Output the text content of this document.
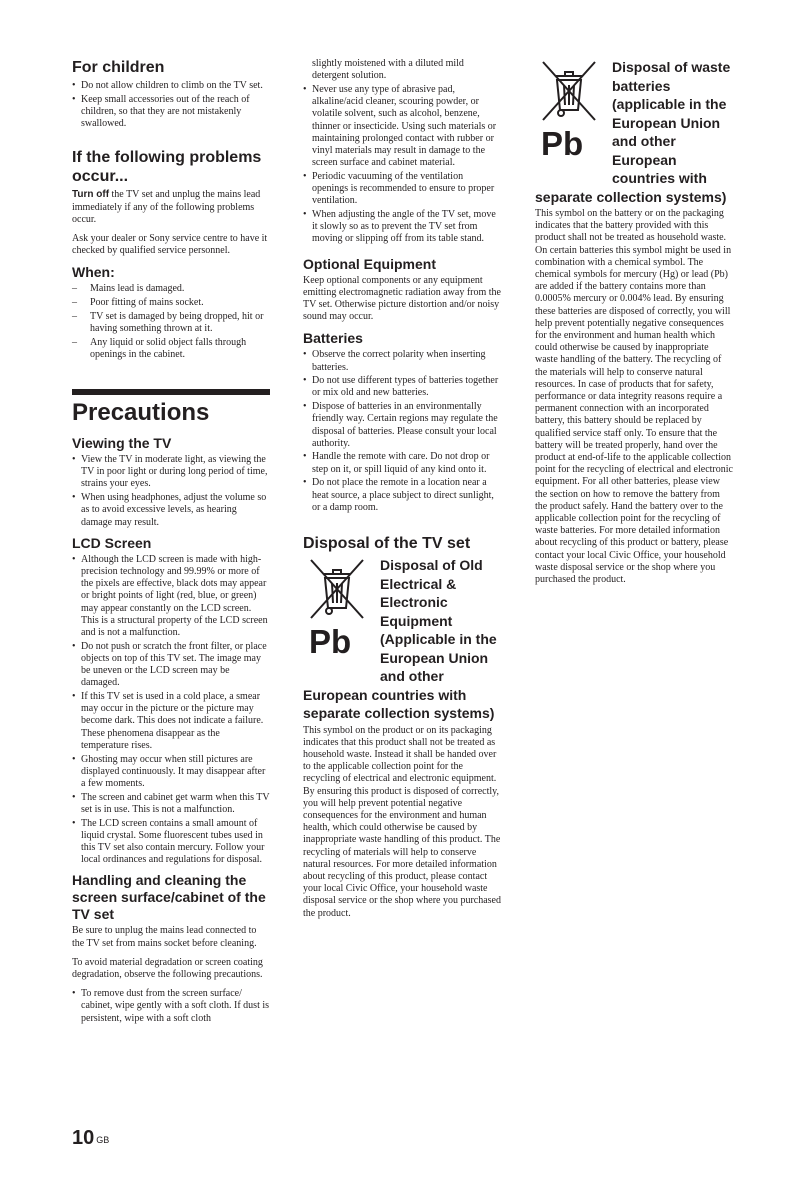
For children
• Do not allow children to climb on the TV set.
• Keep small accessories out of the reach of children, so that they are not mistakenly swallowed.
If the following problems occur...

Turn off the TV set and unplug the mains lead immediately if any of the following problems occur.

Ask your dealer or Sony service centre to have it checked by qualified service personnel.

When:
– Mains lead is damaged.
– Poor fitting of mains socket.
– TV set is damaged by being dropped, hit or having something thrown at it.
– Any liquid or solid object falls through openings in the cabinet.
Precautions
Viewing the TV
• View the TV in moderate light, as viewing the TV in poor light or during long period of time, strains your eyes.
• When using headphones, adjust the volume so as to avoid excessive levels, as hearing damage may result.
LCD Screen
• Although the LCD screen is made with high-precision technology and 99.99% or more of the pixels are effective, black dots may appear or bright points of light (red, blue, or green) may appear constantly on the LCD screen. This is a structural property of the LCD screen and is not a malfunction.
• Do not push or scratch the front filter, or place objects on top of this TV set. The image may be uneven or the LCD screen may be damaged.
• If this TV set is used in a cold place, a smear may occur in the picture or the picture may become dark. This does not indicate a failure. These phenomena disappear as the temperature rises.
• Ghosting may occur when still pictures are displayed continuously. It may disappear after a few moments.
• The screen and cabinet get warm when this TV set is in use. This is not a malfunction.
• The LCD screen contains a small amount of liquid crystal. Some fluorescent tubes used in this TV set also contain mercury. Follow your local ordinances and regulations for disposal.
Handling and cleaning the screen surface/cabinet of the TV set

Be sure to unplug the mains lead connected to the TV set from mains socket before cleaning.

To avoid material degradation or screen coating degradation, observe the following precautions.

• To remove dust from the screen surface/ cabinet, wipe gently with a soft cloth. If dust is persistent, wipe with a soft cloth

slightly moistened with a diluted mild detergent solution.

• Never use any type of abrasive pad, alkaline/acid cleaner, scouring powder, or volatile solvent, such as alcohol, benzene, thinner or insecticide. Using such materials or maintaining prolonged contact with rubber or vinyl materials may result in damage to the screen surface and cabinet material.
• Periodic vacuuming of the ventilation openings is recommended to ensure to proper ventilation.
• When adjusting the angle of the TV set, move it slowly so as to prevent the TV set from moving or slipping off from its table stand.
Optional Equipment

Keep optional components or any equipment emitting electromagnetic radiation away from the TV set. Otherwise picture distortion and/or noisy sound may occur.

Batteries
• Observe the correct polarity when inserting batteries.
• Do not use different types of batteries together or mix old and new batteries.
• Dispose of batteries in an environmentally friendly way. Certain regions may regulate the disposal of batteries. Please consult your local authority.
• Handle the remote with care. Do not drop or step on it, or spill liquid of any kind onto it.
• Do not place the remote in a location near a heat source, a place subject to direct sunlight, or a damp room.
Disposal of the TV set
Pb
Disposal of Old Electrical & Electronic Equipment (Applicable in the European Union and other European countries with separate collection systems)

This symbol on the product or on its packaging indicates that this product shall not be treated as household waste. Instead it shall be handed over to the applicable collection point for the recycling of electrical and electronic equipment. By ensuring this product is disposed of correctly, you will help prevent potential negative consequences for the environment and human health, which could otherwise be caused by inappropriate waste handling of this product. The recycling of materials will help to conserve natural resources. For more detailed information about recycling of this product, please contact your local Civic Office, your household waste disposal service or the shop where you purchased the product.

Pb
Disposal of waste batteries (applicable in the European Union and other European countries with separate collection systems)

This symbol on the battery or on the packaging indicates that the battery provided with this product shall not be treated as household waste. On certain batteries this symbol might be used in combination with a chemical symbol. The chemical symbols for mercury (Hg) or lead (Pb) are added if the battery contains more than 0.0005% mercury or 0.004% lead. By ensuring these batteries are disposed of correctly, you will help prevent potentially negative consequences for the environment and human health which could otherwise be caused by inappropriate waste handling of the battery. The recycling of the materials will help to conserve natural resources. In case of products that for safety, performance or data integrity reasons require a permanent connection with an incorporated battery, this battery should be replaced by qualified service staff only. To ensure that the battery will be treated properly, hand over the product at end-of-life to the applicable collection point for the recycling of electrical and electronic equipment. For all other batteries, please view the section on how to remove the battery from the product safely. Hand the battery over to the applicable collection point for the recycling of waste batteries. For more detailed information about recycling of this product or battery, please contact your local Civic Office, your household waste disposal service or the shop where you purchased the product.

10 $^{GB}$
